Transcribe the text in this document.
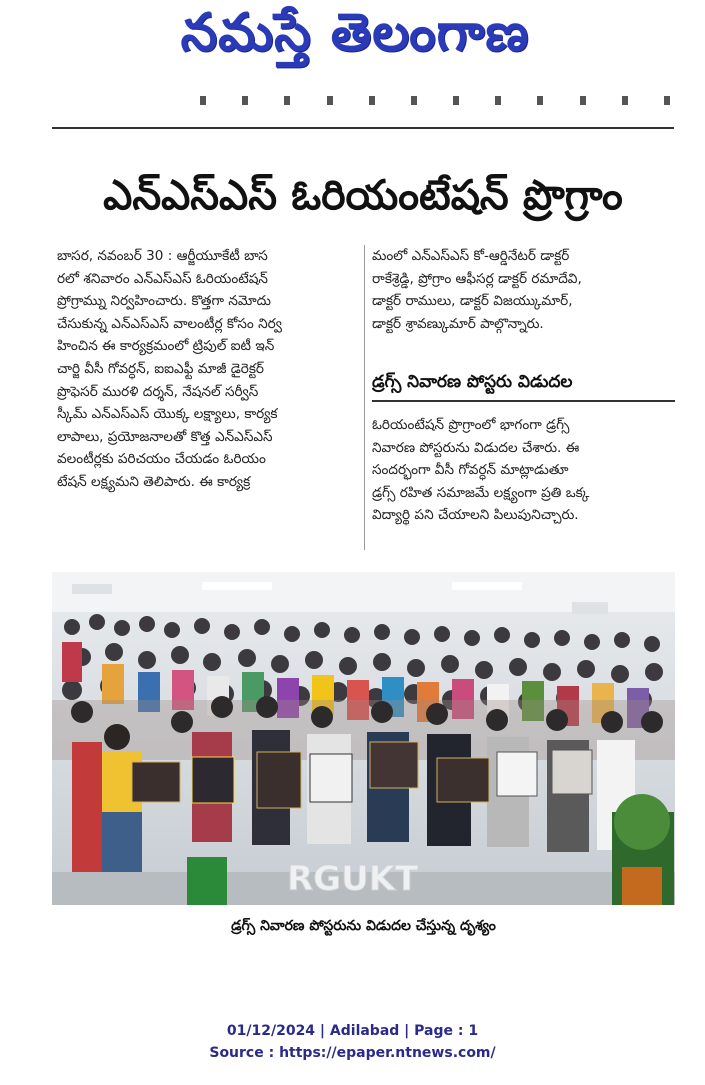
నమస్తే తెలంగాణ
ఎన్ఎస్ఎస్ ఓరియంటేషన్ ప్రొగ్రాం
బాసర, నవంబర్ 30 : ఆర్జీయూకేటీ బాస
రలో శనివారం ఎన్ఎస్ఎస్ ఓరియంటేషన్
ప్రోగ్రామ్ను నిర్వహించారు. కొత్తగా నమోదు
చేసుకున్న ఎన్ఎస్ఎస్ వాలంటీర్ల కోసం నిర్వ
హించిన ఈ కార్యక్రమంలో ట్రిపుల్ ఐటీ ఇన్
చార్జి వీసీ గోవర్ధన్, ఐఐఎఫ్టీ మాజీ డైరెక్టర్
ప్రొఫెసర్ మురళి దర్శన్, నేషనల్ సర్వీస్
స్కీమ్ ఎన్ఎస్ఎస్ యొక్క లక్ష్యాలు, కార్యక
లాపాలు, ప్రయోజనాలతో కొత్త ఎన్ఎస్ఎస్
వలంటీర్లకు పరిచయం చేయడం ఓరియం
టేషన్ లక్ష్యమని తెలిపారు. ఈ కార్యక్ర
మంలో ఎన్ఎస్ఎస్ కో-ఆర్డినేటర్ డాక్టర్
రాకేశ్రెడ్డి, ప్రోగ్రాం ఆఫీసర్ల డాక్టర్ రమాదేవి,
డాక్టర్ రాములు, డాక్టర్ విజయ్కుమార్,
డాక్టర్ శ్రావణ్కుమార్ పాల్గొన్నారు.
డ్రగ్స్ నివారణ పోస్టరు విడుదల
ఓరియంటేషన్ ప్రొగ్రాంలో భాగంగా డ్రగ్స్
నివారణ పోస్టరును విడుదల చేశారు. ఈ
సందర్భంగా వీసీ గోవర్ధన్ మాట్లాడుతూ
డ్రగ్స్ రహిత సమాజమే లక్ష్యంగా ప్రతి ఒక్క
విద్యార్థి పని చేయాలని పిలుపునిచ్చారు.
RGUKT
డ్రగ్స్ నివారణ పోస్టరును విడుదల చేస్తున్న దృశ్యం
01/12/2024 | Adilabad | Page : 1
Source : https://epaper.ntnews.com/
